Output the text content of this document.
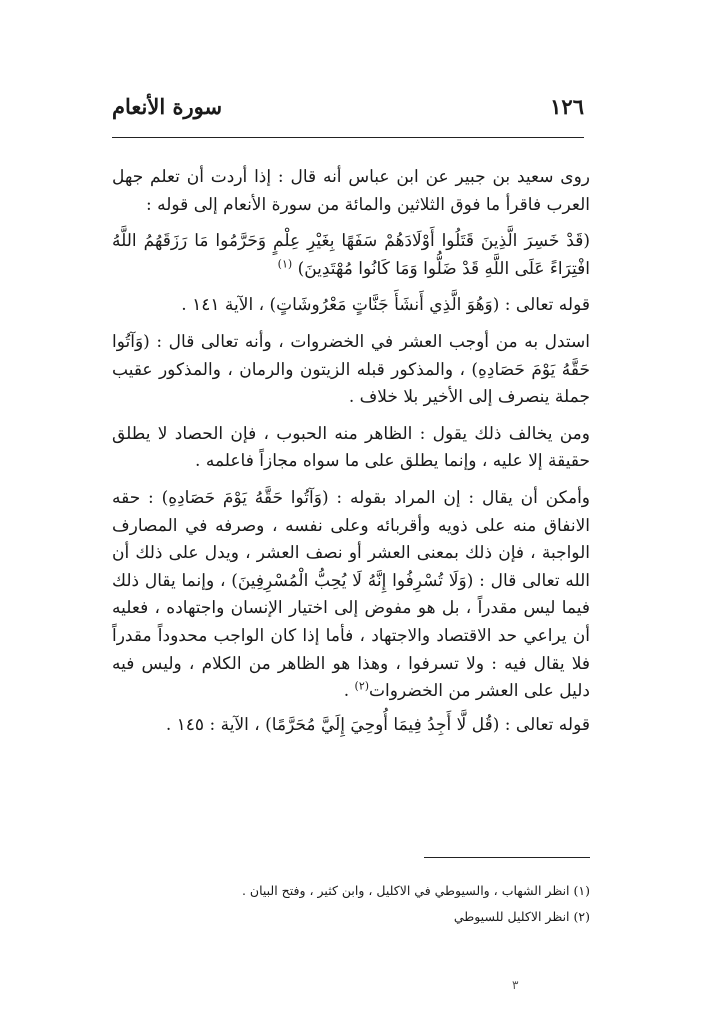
١٢٦
سورة الأنعام

روى سعيد بن جبير عن ابن عباس أنه قال : إذا أردت أن تعلم جهل العرب فاقرأ ما فوق الثلاثين والمائة من سورة الأنعام إلى قوله :

(قَدْ خَسِرَ الَّذِينَ قَتَلُوا أَوْلَادَهُمْ سَفَهًا بِغَيْرِ عِلْمٍ وَحَرَّمُوا مَا رَزَقَهُمُ اللَّهُ افْتِرَاءً عَلَى اللَّهِ قَدْ ضَلُّوا وَمَا كَانُوا مُهْتَدِينَ) $^{(١)}$

قوله تعالى : (وَهُوَ الَّذِي أَنشَأَ جَنَّاتٍ مَعْرُوشَاتٍ) ، الآية ١٤١ .

استدل به من أوجب العشر في الخضروات ، وأنه تعالى قال : (وَآتُوا حَقَّهُ يَوْمَ حَصَادِهِ) ، والمذكور قبله الزيتون والرمان ، والمذكور عقيب جملة ينصرف إلى الأخير بلا خلاف .

ومن يخالف ذلك يقول : الظاهر منه الحبوب ، فإن الحصاد لا يطلق حقيقة إلا عليه ، وإنما يطلق على ما سواه مجازاً فاعلمه .

وأمكن أن يقال : إن المراد بقوله : (وَآتُوا حَقَّهُ يَوْمَ حَصَادِهِ) : حقه الانفاق منه على ذويه وأقربائه وعلى نفسه ، وصرفه في المصارف الواجبة ، فإن ذلك بمعنى العشر أو نصف العشر ، ويدل على ذلك أن الله تعالى قال : (وَلَا تُسْرِفُوا إِنَّهُ لَا يُحِبُّ الْمُسْرِفِينَ) ، وإنما يقال ذلك فيما ليس مقدراً ، بل هو مفوض إلى اختيار الإنسان واجتهاده ، فعليه أن يراعي حد الاقتصاد والاجتهاد ، فأما إذا كان الواجب محدوداً مقدراً فلا يقال فيه : ولا تسرفوا ، وهذا هو الظاهر من الكلام ، وليس فيه دليل على العشر من الخضروات$^{(٢)}$ .

قوله تعالى : (قُل لَّا أَجِدُ فِيمَا أُوحِيَ إِلَيَّ مُحَرَّمًا) ، الآية : ١٤٥ .

(١) انظر الشهاب ، والسيوطي في الاكليل ، وابن كثير ، وفتح البيان .

(٢) انظر الاكليل للسيوطي

٣
